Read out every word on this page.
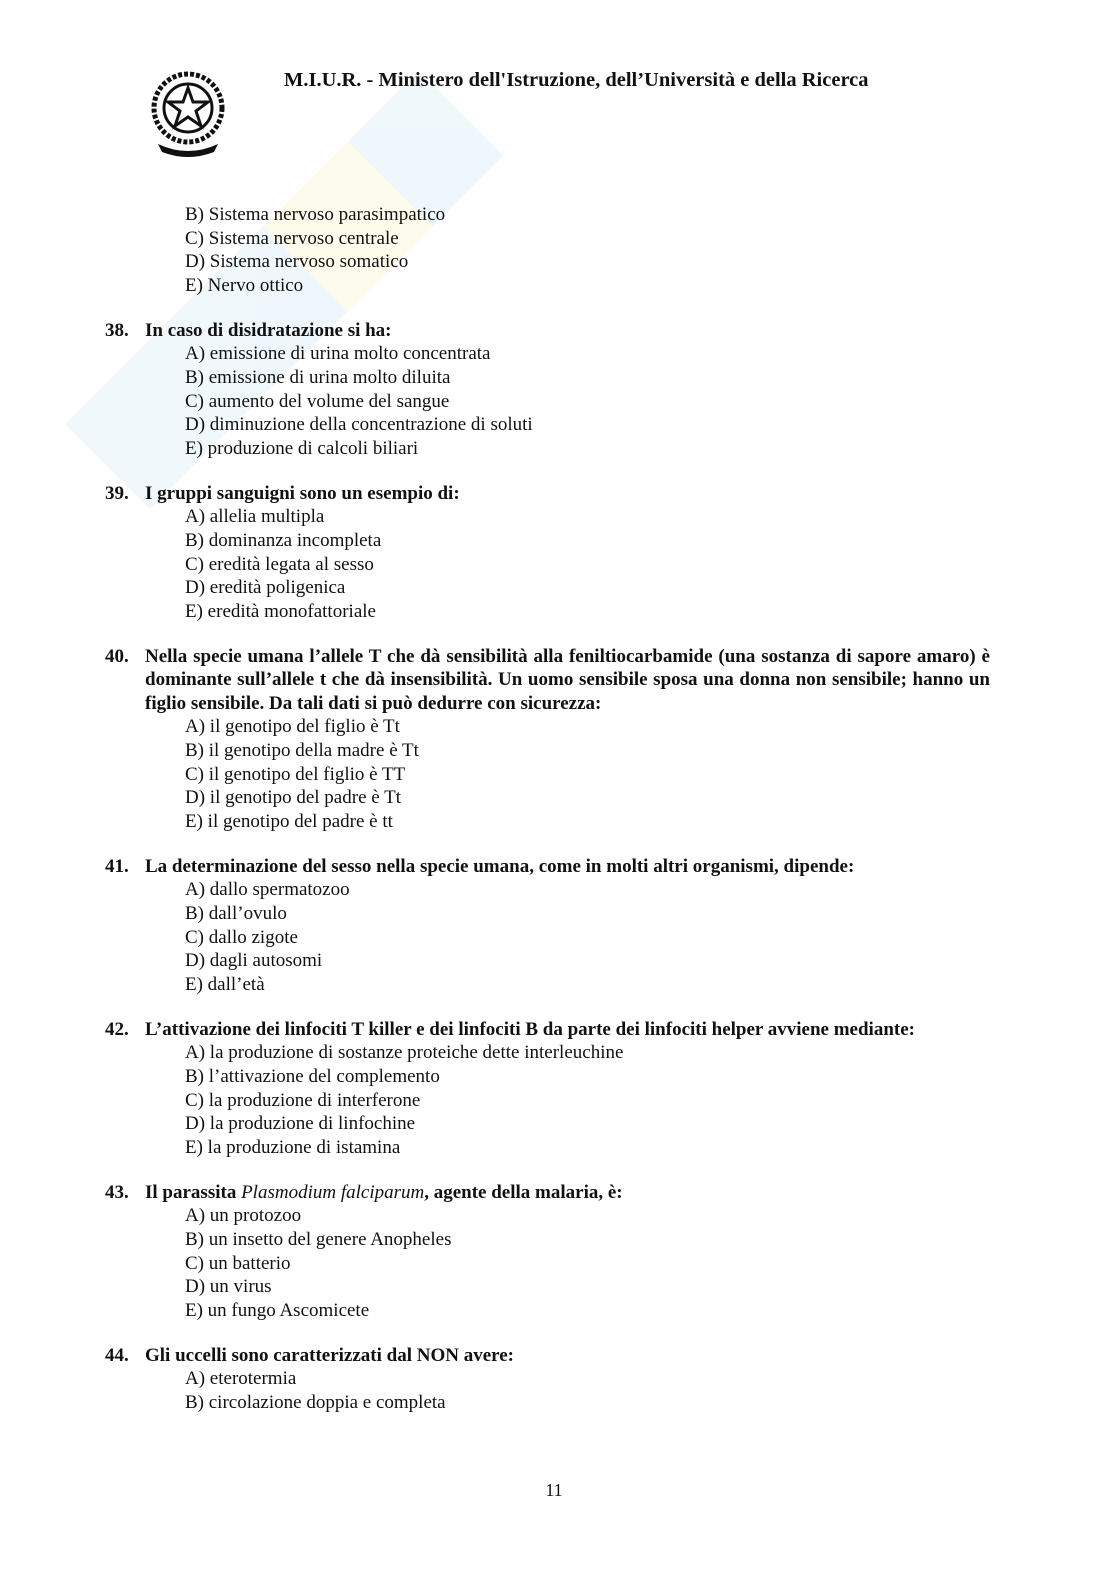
M.I.U.R. - Ministero dell'Istruzione, dell’Università e della Ricerca
B) Sistema nervoso parasimpatico
C) Sistema nervoso centrale
D) Sistema nervoso somatico
E) Nervo ottico
38. In caso di disidratazione si ha:
A) emissione di urina molto concentrata
B) emissione di urina molto diluita
C) aumento del volume del sangue
D) diminuzione della concentrazione di soluti
E) produzione di calcoli biliari
39. I gruppi sanguigni sono un esempio di:
A) allelia multipla
B) dominanza incompleta
C) eredità legata al sesso
D) eredità poligenica
E) eredità monofattoriale
40. Nella specie umana l’allele T che dà sensibilità alla feniltiocarbamide (una sostanza di sapore amaro) è dominante sull’allele t che dà insensibilità. Un uomo sensibile sposa una donna non sensibile; hanno un figlio sensibile. Da tali dati si può dedurre con sicurezza:
A) il genotipo del figlio è Tt
B) il genotipo della madre è Tt
C) il genotipo del figlio è TT
D) il genotipo del padre è Tt
E) il genotipo del padre è tt
41. La determinazione del sesso nella specie umana, come in molti altri organismi, dipende:
A) dallo spermatozoo
B) dall’ovulo
C) dallo zigote
D) dagli autosomi
E) dall’età
42. L’attivazione dei linfociti T killer e dei linfociti B da parte dei linfociti helper avviene mediante:
A) la produzione di sostanze proteiche dette interleuchine
B) l’attivazione del complemento
C) la produzione di interferone
D) la produzione di linfochine
E) la produzione di istamina
43. Il parassita Plasmodium falciparum, agente della malaria, è:
A) un protozoo
B) un insetto del genere Anopheles
C) un batterio
D) un virus
E) un fungo Ascomicete
44. Gli uccelli sono caratterizzati dal NON avere:
A) eterotermia
B) circolazione doppia e completa
11
